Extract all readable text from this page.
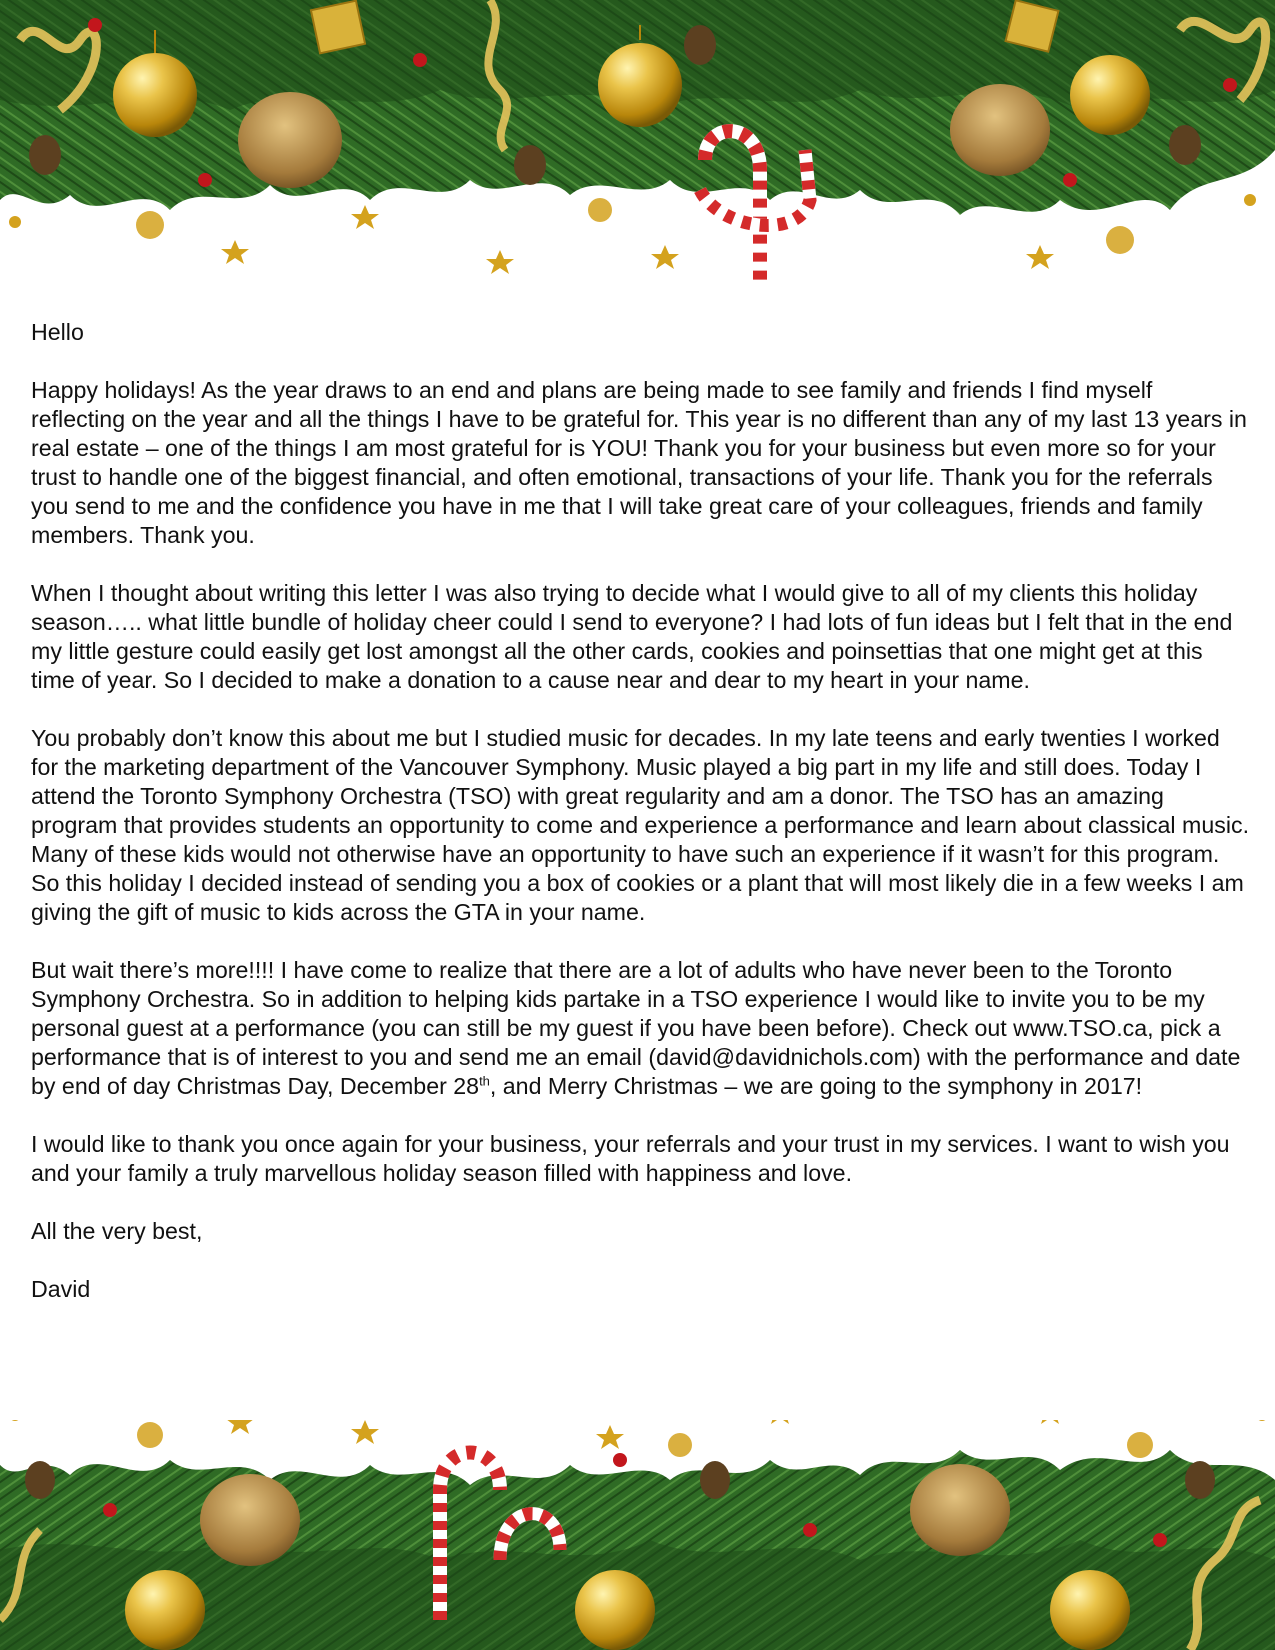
Hello

Happy holidays! As the year draws to an end and plans are being made to see family and friends I find myself reflecting on the year and all the things I have to be grateful for. This year is no different than any of my last 13 years in real estate – one of the things I am most grateful for is YOU! Thank you for your business but even more so for your trust to handle one of the biggest financial, and often emotional, transactions of your life. Thank you for the referrals you send to me and the confidence you have in me that I will take great care of your colleagues, friends and family members. Thank you.

When I thought about writing this letter I was also trying to decide what I would give to all of my clients this holiday season….. what little bundle of holiday cheer could I send to everyone? I had lots of fun ideas but I felt that in the end my little gesture could easily get lost amongst all the other cards, cookies and poinsettias that one might get at this time of year. So I decided to make a donation to a cause near and dear to my heart in your name.

You probably don’t know this about me but I studied music for decades. In my late teens and early twenties I worked for the marketing department of the Vancouver Symphony. Music played a big part in my life and still does. Today I attend the Toronto Symphony Orchestra (TSO) with great regularity and am a donor. The TSO has an amazing program that provides students an opportunity to come and experience a performance and learn about classical music. Many of these kids would not otherwise have an opportunity to have such an experience if it wasn’t for this program. So this holiday I decided instead of sending you a box of cookies or a plant that will most likely die in a few weeks I am giving the gift of music to kids across the GTA in your name.

But wait there’s more!!!! I have come to realize that there are a lot of adults who have never been to the Toronto Symphony Orchestra. So in addition to helping kids partake in a TSO experience I would like to invite you to be my personal guest at a performance (you can still be my guest if you have been before). Check out www.TSO.ca, pick a performance that is of interest to you and send me an email (david@davidnichols.com) with the performance and date by end of day Christmas Day, December 28th, and Merry Christmas – we are going to the symphony in 2017!

I would like to thank you once again for your business, your referrals and your trust in my services. I want to wish you and your family a truly marvellous holiday season filled with happiness and love.

All the very best,

David
